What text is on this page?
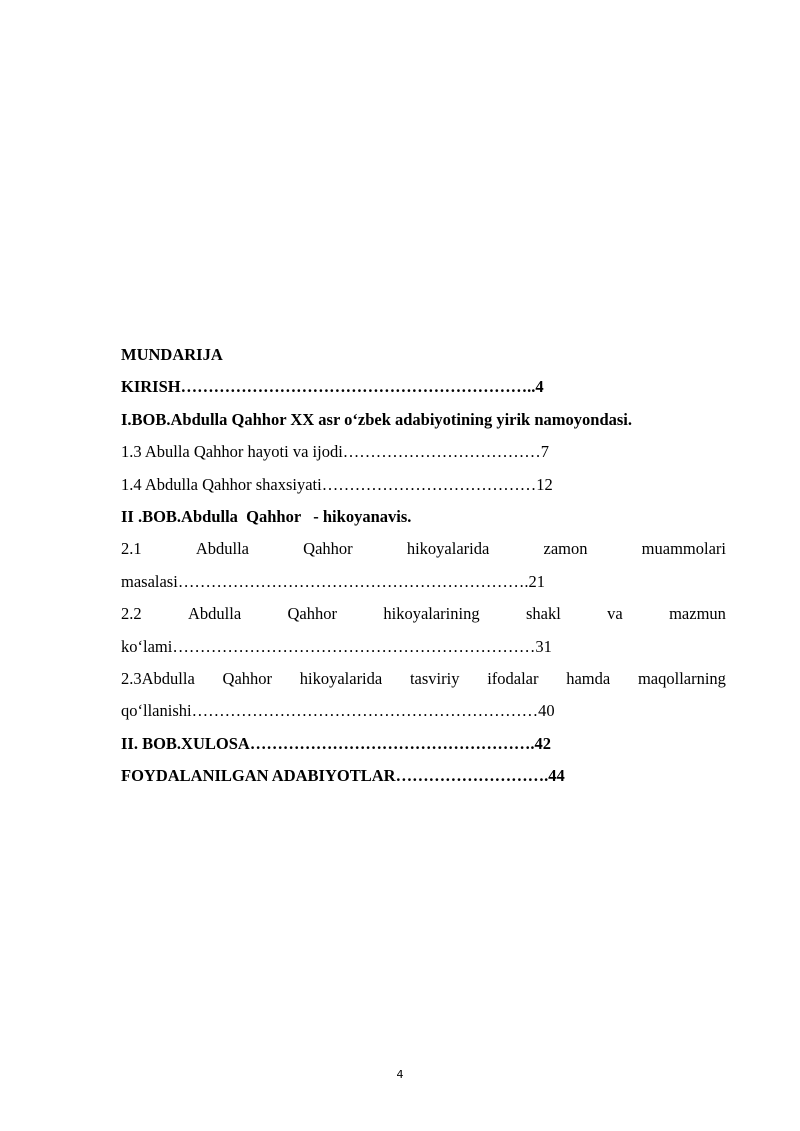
MUNDARIJA
KIRISH………………………………………………………..4
I.BOB.Abdulla Qahhor XX asr o‘zbek adabiyotining yirik namoyondasi.
1.3 Abulla Qahhor hayoti va ijodi………………………………7
1.4 Abdulla Qahhor shaxsiyati…………………………………12
II .BOB.Abdulla  Qahhor   - hikoyanavis.
2.1	Abdulla	Qahhor	hikoyalarida	zamon	muammolari
masalasi……………………………………………………….21
2.2	Abdulla	Qahhor	hikoyalarining	shakl	va	mazmun
ko‘lami…………………………………………………………31
2.3Abdulla Qahhor hikoyalarida tasviriy ifodalar hamda maqollarning
qo‘llanishi………………………………………………………40
II. BOB.XULOSA…………………………………………….42
FOYDALANILGAN ADABIYOTLAR……………………….44
4
